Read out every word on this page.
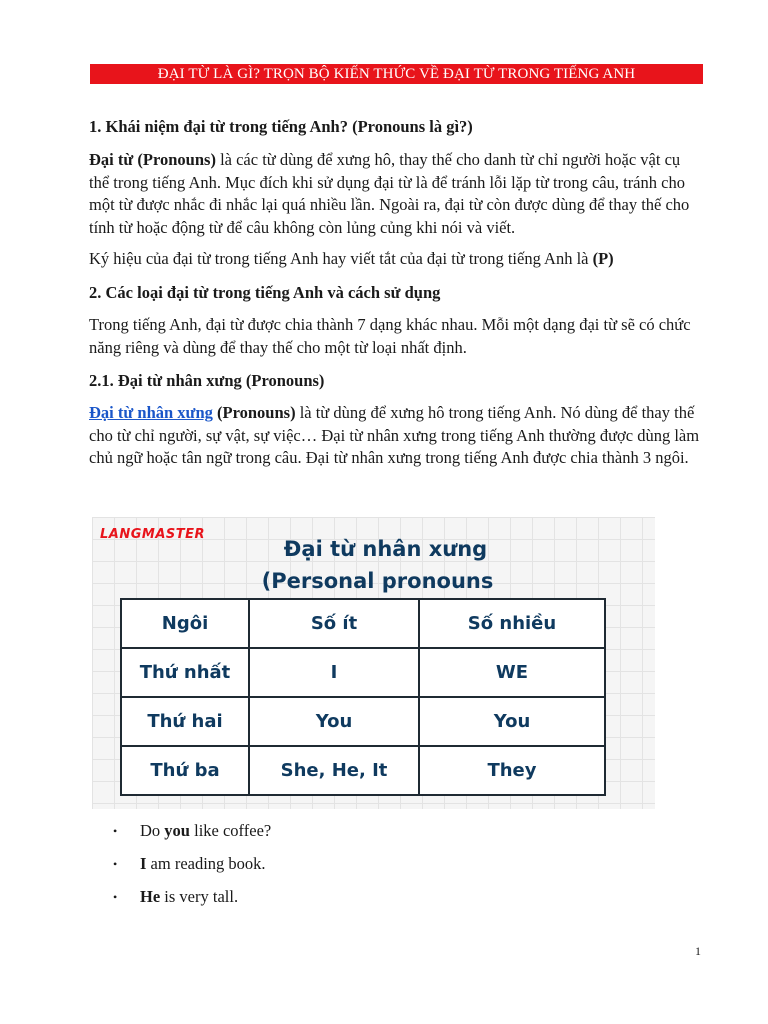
ĐẠI TỪ LÀ GÌ? TRỌN BỘ KIẾN THỨC VỀ ĐẠI TỪ TRONG TIẾNG ANH

1. Khái niệm đại từ trong tiếng Anh? (Pronouns là gì?)

Đại từ (Pronouns) là các từ dùng để xưng hô, thay thế cho danh từ chỉ người hoặc vật cụ thể trong tiếng Anh. Mục đích khi sử dụng đại từ là để tránh lỗi lặp từ trong câu, tránh cho một từ được nhắc đi nhắc lại quá nhiều lần. Ngoài ra, đại từ còn được dùng để thay thế cho tính từ hoặc động từ để câu không còn lủng củng khi nói và viết.

Ký hiệu của đại từ trong tiếng Anh hay viết tắt của đại từ trong tiếng Anh là (P)

2. Các loại đại từ trong tiếng Anh và cách sử dụng

Trong tiếng Anh, đại từ được chia thành 7 dạng khác nhau. Mỗi một dạng đại từ sẽ có chức năng riêng và dùng để thay thế cho một từ loại nhất định.

2.1. Đại từ nhân xưng (Pronouns)

Đại từ nhân xưng (Pronouns) là từ dùng để xưng hô trong tiếng Anh. Nó dùng để thay thế cho từ chỉ người, sự vật, sự việc… Đại từ nhân xưng trong tiếng Anh thường được dùng làm chủ ngữ hoặc tân ngữ trong câu. Đại từ nhân xưng trong tiếng Anh được chia thành 3 ngôi.

LANGMASTER
Đại từ nhân xưng
(Personal pronouns
Ngôi	Số ít	Số nhiều
Thứ nhất	I	WE
Thứ hai	You	You
Thứ ba	She, He, It	They
• Do you like coffee?
• I am reading book.
• He is very tall.
1
